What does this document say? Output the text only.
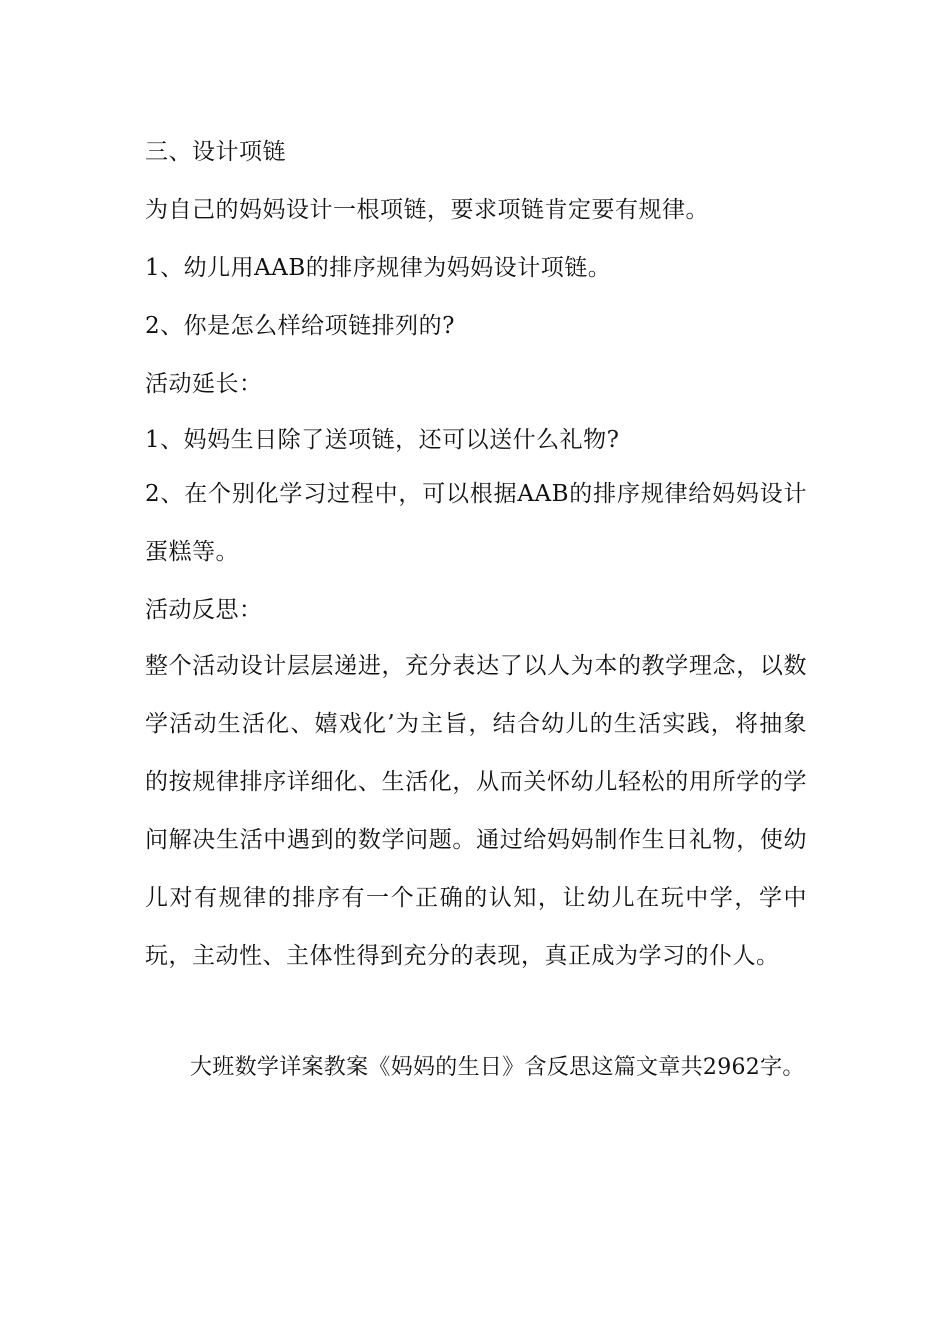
三、设计项链
为自己的妈妈设计一根项链，要求项链肯定要有规律。
1、幼儿用AAB的排序规律为妈妈设计项链。
2、你是怎么样给项链排列的?
活动延长：
1、妈妈生日除了送项链，还可以送什么礼物?

2、在个别化学习过程中，可以根据AAB的排序规律给妈妈设计蛋糕等。

活动反思：

整个活动设计层层递进，充分表达了以人为本的教学理念，以数学活动生活化、嬉戏化’为主旨，结合幼儿的生活实践，将抽象的按规律排序详细化、生活化，从而关怀幼儿轻松的用所学的学问解决生活中遇到的数学问题。通过给妈妈制作生日礼物，使幼儿对有规律的排序有一个正确的认知，让幼儿在玩中学，学中玩，主动性、主体性得到充分的表现，真正成为学习的仆人。

大班数学详案教案《妈妈的生日》含反思这篇文章共2962字。
